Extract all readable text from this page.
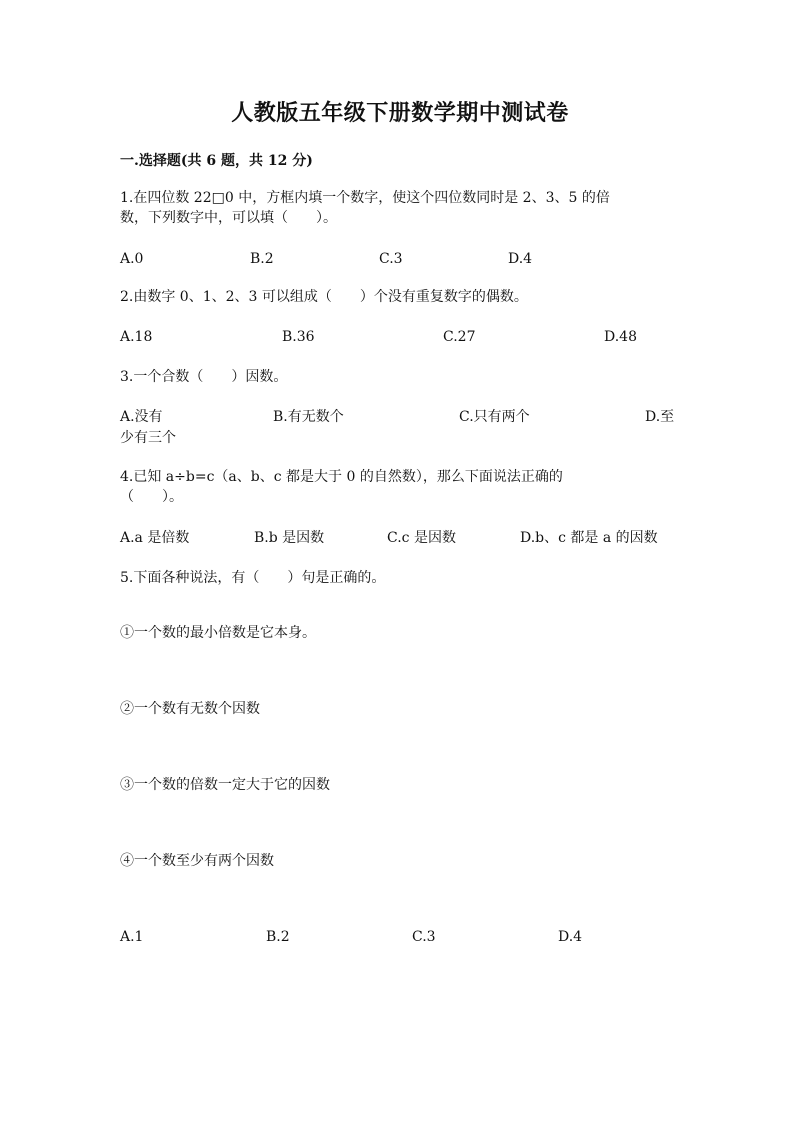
人教版五年级下册数学期中测试卷
一.选择题(共 6 题，共 12 分)
1.在四位数 22□0 中，方框内填一个数字，使这个四位数同时是 2、3、5 的倍
数，下列数字中，可以填（　　）。
A.0	B.2	C.3	D.4
2.由数字 0、1、2、3 可以组成（　　）个没有重复数字的偶数。
A.18	B.36	C.27	D.48
3.一个合数（　　）因数。
A.没有	B.有无数个	C.只有两个	D.至
少有三个
4.已知 a÷b=c（a、b、c 都是大于 0 的自然数），那么下面说法正确的
（　　）。
A.a 是倍数	B.b 是因数	C.c 是因数	D.b、c 都是 a 的因数
5.下面各种说法，有（　　）句是正确的。
①一个数的最小倍数是它本身。
②一个数有无数个因数
③一个数的倍数一定大于它的因数
④一个数至少有两个因数
A.1	B.2	C.3	D.4
